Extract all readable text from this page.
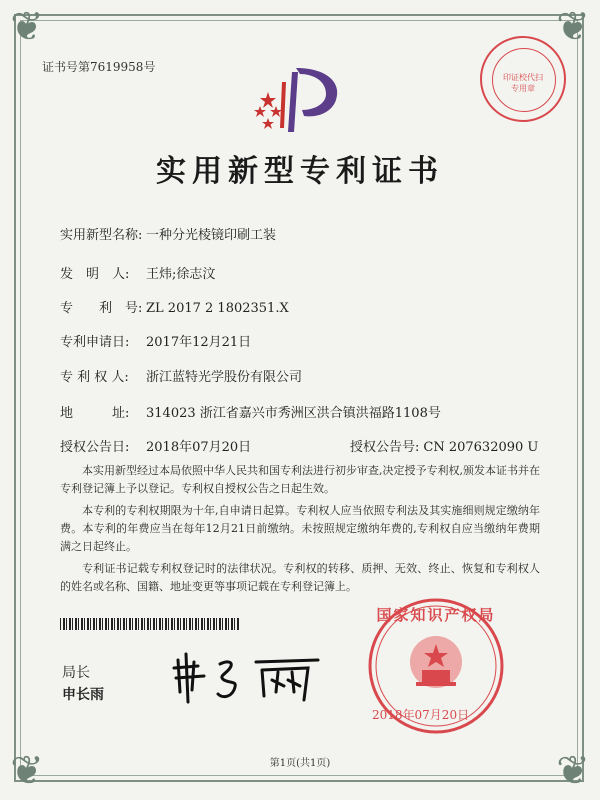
❦	❦
❦	❦
证书号第7619958号
印证校代扫专用章
实用新型专利证书
实用新型名称: 一种分光棱镜印刷工装
发　明　人: 王炜;徐志汶
专　　利　号: ZL 2017 2 1802351.X
专利申请日: 2017年12月21日
专 利 权 人: 浙江蓝特光学股份有限公司
地　　　址: 314023 浙江省嘉兴市秀洲区洪合镇洪福路1108号
授权公告日: 2018年07月20日	授权公告号: CN 207632090 U

本实用新型经过本局依照中华人民共和国专利法进行初步审查,决定授予专利权,颁发本证书并在专利登记簿上予以登记。专利权自授权公告之日起生效。

本专利的专利权期限为十年,自申请日起算。专利权人应当依照专利法及其实施细则规定缴纳年费。本专利的年费应当在每年12月21日前缴纳。未按照规定缴纳年费的,专利权自应当缴纳年费期满之日起终止。

专利证书记载专利权登记时的法律状况。专利权的转移、质押、无效、终止、恢复和专利权人的姓名或名称、国籍、地址变更等事项记载在专利登记簿上。

局长
申长雨
国家知识产权局
2018年07月20日
第1页(共1页)
